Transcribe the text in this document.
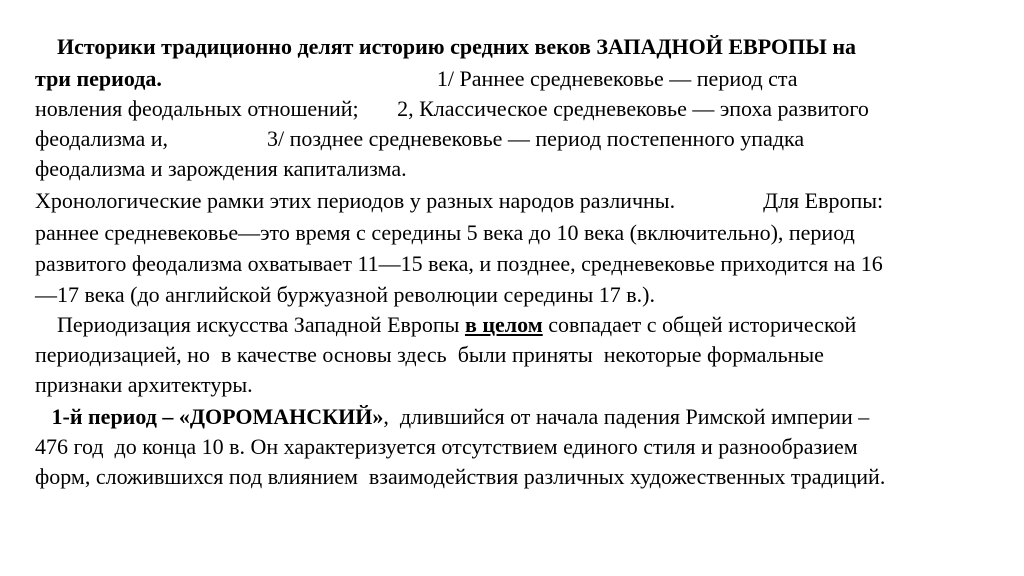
Историки традиционно делят историю средних веков ЗАПАДНОЙ ЕВРОПЫ на

три периода.                                                  1/ Раннее средневековье — период ста

новления феодальных отношений;       2, Классическое средневековье — эпоха развитого

феодализма и,                  3/ позднее средневековье — период постепенного упадка

феодализма и зарождения капитализма.

Хронологические рамки этих периодов у разных народов различны.                Для Европы:

раннее средневековье—это время с середины 5 века до 10 века (включительно), период

развитого феодализма охватывает 11—15 века, и позднее, средневековье приходится на 16

—17 века (до английской буржуазной революции середины 17 в.).

Периодизация искусства Западной Европы в целом совпадает с общей исторической

периодизацией, но  в качестве основы здесь  были приняты  некоторые формальные

признаки архитектуры.

1-й период – «ДОРОМАНСКИЙ»,  длившийся от начала падения Римской империи –

476 год  до конца 10 в. Он характеризуется отсутствием единого стиля и разнообразием

форм, сложившихся под влиянием  взаимодействия различных художественных традиций.
